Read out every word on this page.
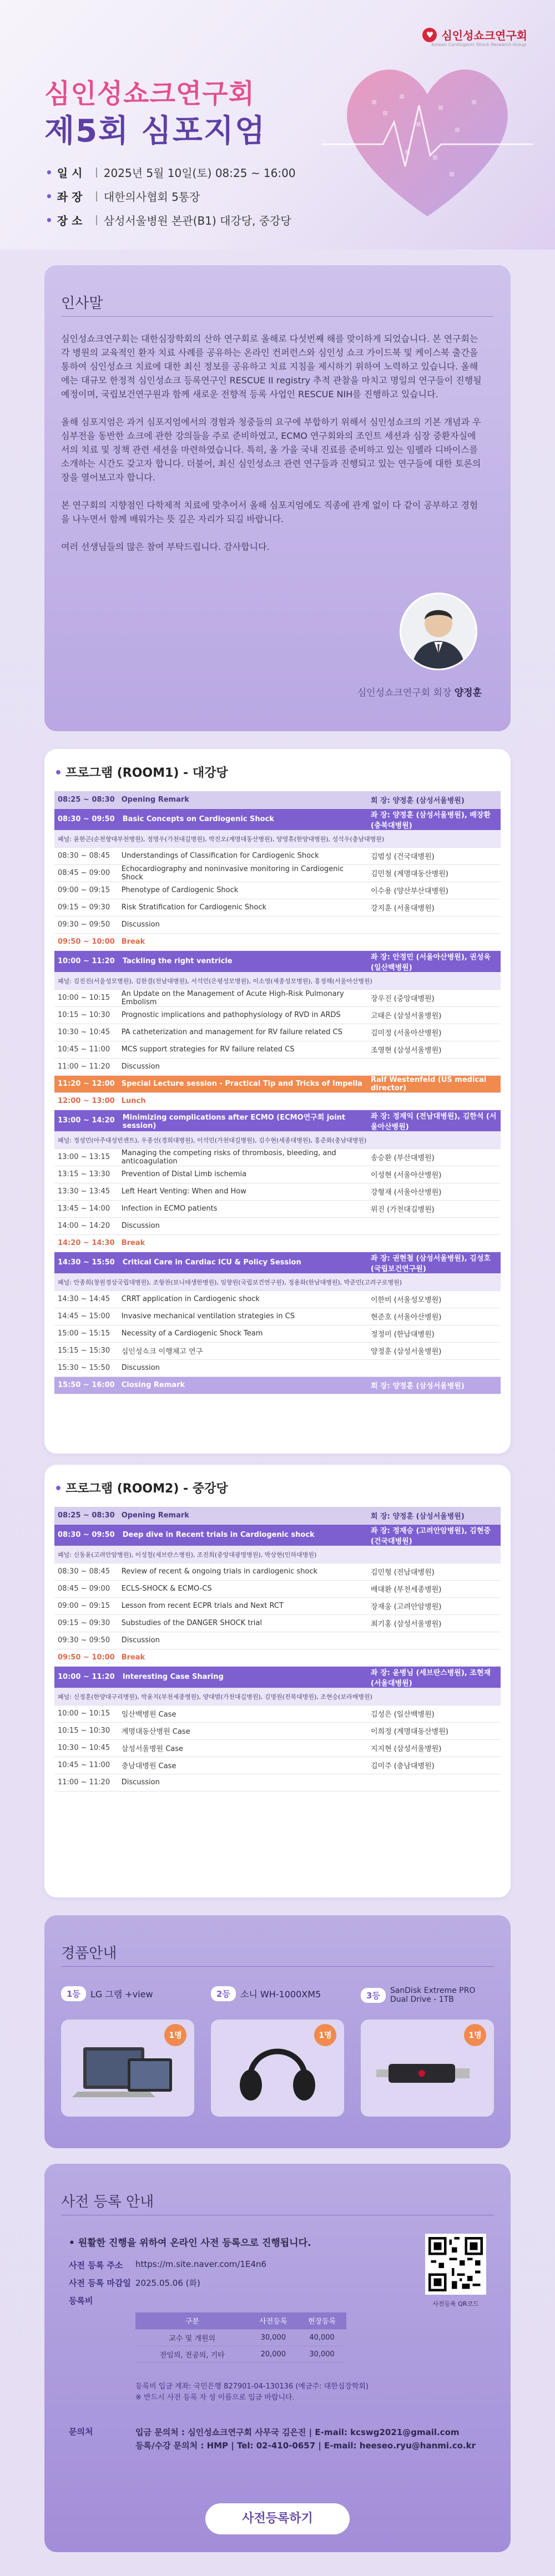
♥ 심인성쇼크연구회
Korean Cardiogenic Shock Research Group
심인성쇼크연구회
제5회 심포지엄
• 일 시	2025년 5월 10일(토) 08:25 ~ 16:00
• 좌 장	대한의사협회 5통장
• 장 소	삼성서울병원 본관(B1) 대강당, 중강당
인사말

심인성쇼크연구회는 대한심장학회의 산하 연구회로 올해로 다섯번째 해를 맞이하게 되었습니다. 본 연구회는 각 병원의 교육적인 환자 치료 사례를 공유하는 온라인 컨퍼런스와 심인성 쇼크 가이드북 및 케이스북 출간을 통하여 심인성쇼크 치료에 대한 최신 정보를 공유하고 치료 지침을 제시하기 위하여 노력하고 있습니다. 올해에는 대규모 한정적 심인성쇼크 등록연구인 RESCUE II registry 추적 관찰을 마치고 명일의 연구들이 진행될 예정이며, 국립보건연구원과 함께 새로운 전향적 등록 사업인 RESCUE NIH를 진행하고 있습니다.

올해 심포지엄은 과거 심포지엄에서의 경험과 청중들의 요구에 부합하기 위해서 심인성쇼크의 기본 개념과 우심부전을 동반한 쇼크에 관한 강의들을 주로 준비하였고, ECMO 연구회와의 조인트 세션과 심장 중환자실에서의 치료 및 정책 관련 세션을 마련하였습니다. 특히, 올 가을 국내 진료를 준비하고 있는 임펠라 디바이스를 소개하는 시간도 갖고자 합니다. 더불어, 최신 심인성쇼크 관련 연구들과 진행되고 있는 연구들에 대한 토론의 장을 열어보고자 합니다.

본 연구회의 지향점인 다학제적 치료에 맞추어서 올해 심포지엄에도 직종에 관계 없이 다 같이 공부하고 경험을 나누면서 함께 배워가는 뜻 깊은 자리가 되길 바랍니다.

여러 선생님들의 많은 참여 부탁드립니다. 감사합니다.

심인성쇼크연구회 회장 양정훈
• 프로그램 (ROOM1) - 대강당
08:25 ~ 08:30	Opening Remark	회 장: 양정훈 (삼성서울병원)
08:30 ~ 09:50	Basic Concepts on Cardiogenic Shock	좌 장: 양정훈 (삼성서울병원), 배장환 (충북대병원)
패널: 윤한곤(순천향대부천병원), 정명우(가천대길병원), 박진오(계명대동산병원), 양영휴(한양대병원), 성석우(충남대병원)		
08:30 ~ 08:45	Understandings of Classification for Cardiogenic Shock	김범성 (건국대병원)
08:45 ~ 09:00	Echocardiography and noninvasive monitoring in Cardiogenic Shock	김민철 (계명대동산병원)
09:00 ~ 09:15	Phenotype of Cardiogenic Shock	이수용 (양산부산대병원)
09:15 ~ 09:30	Risk Stratification for Cardiogenic Shock	강지훈 (서울대병원)
09:30 ~ 09:50	Discussion	
09:50 ~ 10:00	Break	
10:00 ~ 11:20	Tackling the right ventricle	좌 장: 안정민 (서울아산병원), 권성욱 (일산백병원)
패널: 김진진(서울성모병원), 김한결(전남대병원), 서석민(은평성모병원), 이소영(세종성모병원), 홍정해(서울아산병원)		
10:00 ~ 10:15	An Update on the Management of Acute High-Risk Pulmonary Embolism	장우진 (중앙대병원)
10:15 ~ 10:30	Prognostic implications and pathophysiology of RVD in ARDS	고태은 (삼성서울병원)
10:30 ~ 10:45	PA catheterization and management for RV failure related CS	김미정 (서울아산병원)
10:45 ~ 11:00	MCS support strategies for RV failure related CS	조영현 (삼성서울병원)
11:00 ~ 11:20	Discussion	
11:20 ~ 12:00	Special Lecture session - Practical Tip and Tricks of Impella	Ralf Westenfeld (US medical director)
12:00 ~ 13:00	Lunch	
13:00 ~ 14:20	Minimizing complications after ECMO (ECMO연구회 joint session)	좌 장: 정재익 (전남대병원), 김한석 (서울아산병원)
패널: 정성민(아주대성빈센트), 우종선(경희대병원), 이석민(가천대길병원), 김수현(세종대병원), 홍준화(충남대병원)		
13:00 ~ 13:15	Managing the competing risks of thrombosis, bleeding, and anticoagulation	송승환 (부산대병원)
13:15 ~ 13:30	Prevention of Distal Limb ischemia	이성현 (서울아산병원)
13:30 ~ 13:45	Left Heart Venting: When and How	강형재 (서울아산병원)
13:45 ~ 14:00	Infection in ECMO patients	위진 (가천대길병원)
14:00 ~ 14:20	Discussion	
14:20 ~ 14:30	Break	
14:30 ~ 15:50	Critical Care in Cardiac ICU & Policy Session	좌 장: 권현철 (삼성서울병원), 김성호 (국립보건연구원)
패널: 안종희(창원경상국립대병원), 조항찬(보니테생한병원), 임향원(국립보건연구원), 정용화(한남대병원), 박준민(고려구로병원)		
14:30 ~ 14:45	CRRT application in Cardiogenic shock	이한비 (서울성모병원)
14:45 ~ 15:00	Invasive mechanical ventilation strategies in CS	현준호 (서울아산병원)
15:00 ~ 15:15	Necessity of a Cardiogenic Shock Team	정정미 (한남대병원)
15:15 ~ 15:30	심인성쇼크 이행체고 연구	양정훈 (삼성서울병원)
15:30 ~ 15:50	Discussion	
15:50 ~ 16:00	Closing Remark	회 장: 양정훈 (삼성서울병원)
• 프로그램 (ROOM2) - 중강당
08:25 ~ 08:30	Opening Remark	회 장: 양정훈 (삼성서울병원)
08:30 ~ 09:50	Deep dive in Recent trials in Cardiogenic shock	좌 장: 정재승 (고려안암병원), 김현중 (건국대병원)
패널: 신동윤(고려안암병원), 이성철(세브란스병원), 조진희(중앙대광명병원), 박상현(인하대병원)		
08:30 ~ 08:45	Review of recent & ongoing trials in cardiogenic shock	김민형 (전남대병원)
08:45 ~ 09:00	ECLS-SHOCK & ECMO-CS	배대환 (부천세종병원)
09:00 ~ 09:15	Lesson from recent ECPR trials and Next RCT	장재웅 (고려안암병원)
09:15 ~ 09:30	Substudies of the DANGER SHOCK trial	최기홍 (삼성서울병원)
09:30 ~ 09:50	Discussion	
09:50 ~ 10:00	Break	
10:00 ~ 11:20	Interesting Case Sharing	좌 장: 윤병님 (세브란스병원), 조현재 (서울대병원)
패널: 신정훈(한양대구리병원), 박윤지(부천세종병원), 양대범(가천대길병원), 김명원(전북대병원), 조현승(보라매병원)		
10:00 ~ 10:15	일산백병원 Case	김성은 (일산백병원)
10:15 ~ 10:30	계명대동산병원 Case	이희정 (계명대동산병원)
10:30 ~ 10:45	삼성서울병원 Case	지지현 (삼성서울병원)
10:45 ~ 11:00	충남대병원 Case	김미주 (충남대병원)
11:00 ~ 11:20	Discussion	
경품안내
1등	LG 그램 +view
1명
2등	소니 WH-1000XM5
1명
3등	SanDisk Extreme PRO Dual Drive - 1TB
1명
사전 등록 안내
• 원활한 진행을 위하여 온라인 사전 등록으로 진행됩니다.
사전 등록 주소	https://m.site.naver.com/1E4n6
사전 등록 마감일 2025.05.06 (화)
등록비
구분	사전등록	현장등록
교수 및 개원의	30,000	40,000
전임의, 전공의, 기타	20,000	30,000
사전등록 QR코드
등록비 입금 계좌: 국민은행 827901-04-130136 (예금주: 대한심장학회)
※ 반드시 사전 등록 자 성 이름으로 입금 바랍니다.
문의처	입금 문의처 : 심인성쇼크연구회 사무국 김은진 | E-mail: kcswg2021@gmail.com
등록/수강 문의처 : HMP | Tel: 02-410-0657 | E-mail: heeseo.ryu@hanmi.co.kr
사전등록하기
